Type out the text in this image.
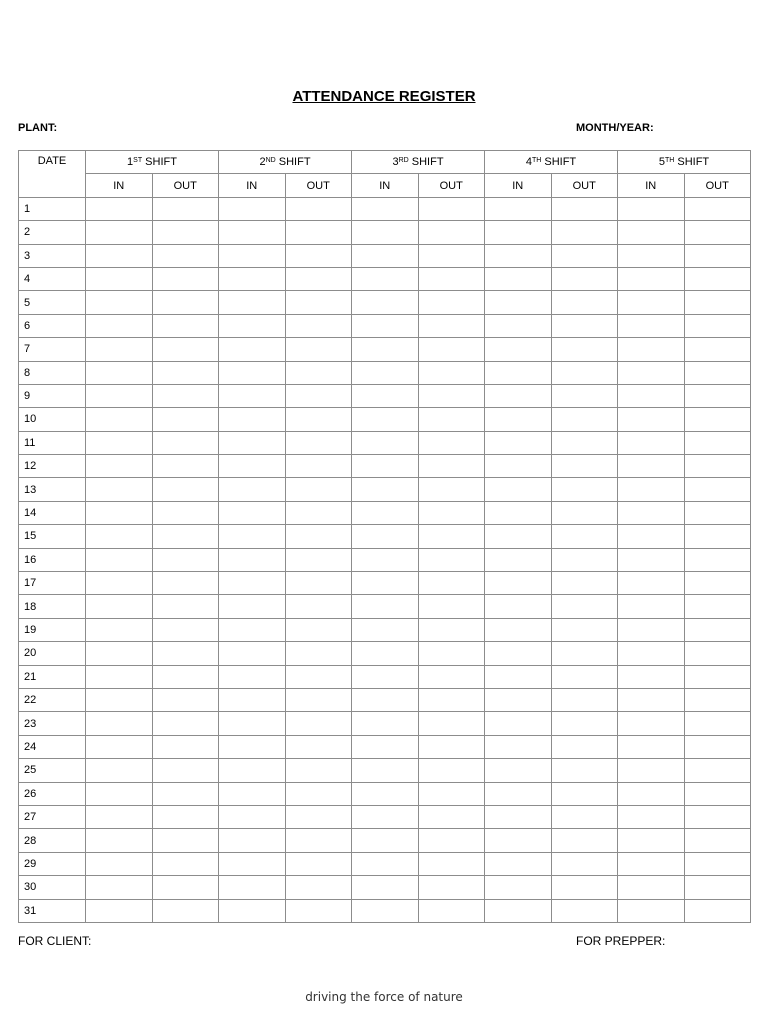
ATTENDANCE REGISTER
PLANT:	MONTH/YEAR:
DATE	1ST SHIFT		2ND SHIFT		3RD SHIFT		4TH SHIFT		5TH SHIFT	
	IN	OUT	IN	OUT	IN	OUT	IN	OUT	IN	OUT
1										
2										
3										
4										
5										
6										
7										
8										
9										
10										
11										
12										
13										
14										
15										
16										
17										
18										
19										
20										
21										
22										
23										
24										
25										
26										
27										
28										
29										
30										
31										
FOR CLIENT:	FOR PREPPER:
driving the force of nature
